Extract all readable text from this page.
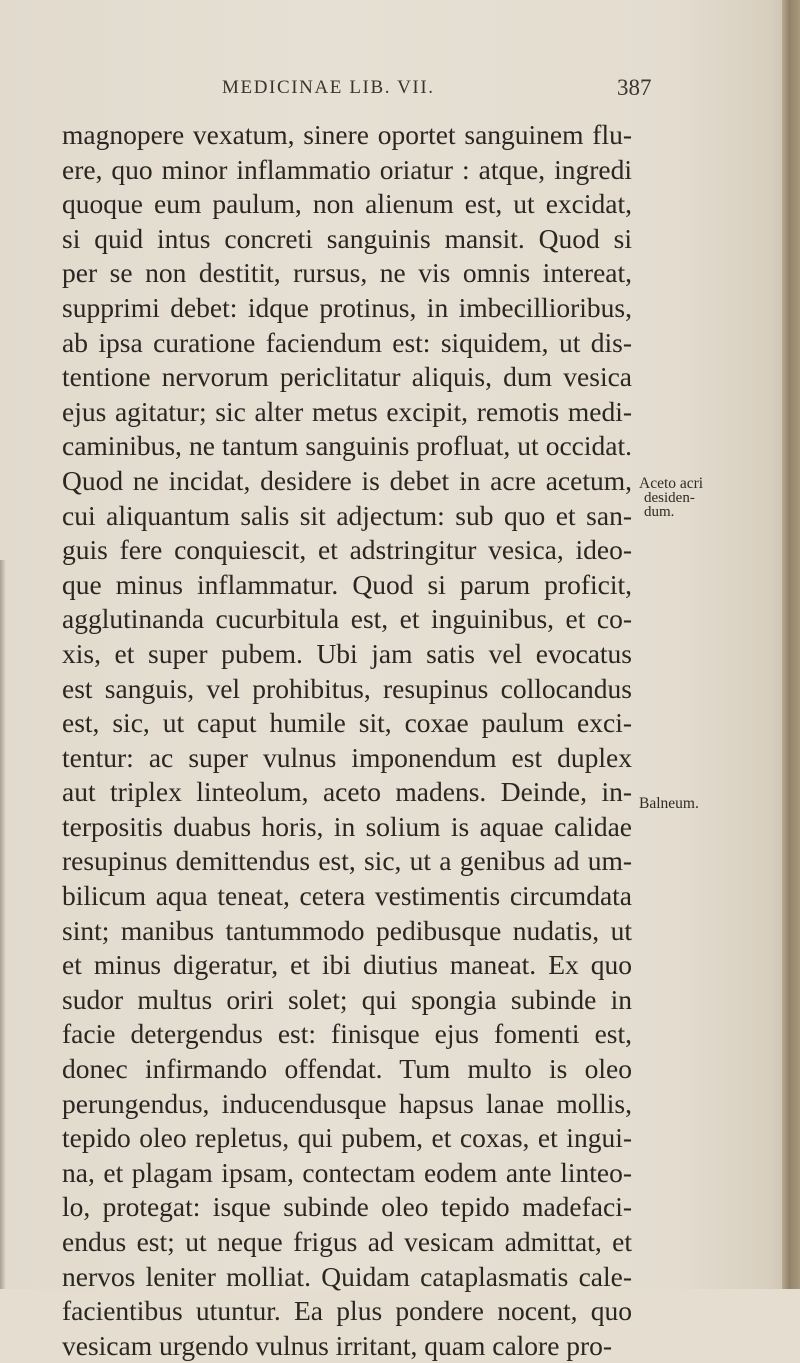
MEDICINAE LIB. VII.	387
magnopere vexatum, sinere oportet sanguinem flu-
ere, quo minor inflammatio oriatur : atque, ingredi
quoque eum paulum, non alienum est, ut excidat,
si quid intus concreti sanguinis mansit. Quod si
per se non destitit, rursus, ne vis omnis intereat,
supprimi debet: idque protinus, in imbecillioribus,
ab ipsa curatione faciendum est: siquidem, ut dis-
tentione nervorum periclitatur aliquis, dum vesica
ejus agitatur; sic alter metus excipit, remotis medi-
caminibus, ne tantum sanguinis profluat, ut occidat.
Quod ne incidat, desidere is debet in acre acetum,
cui aliquantum salis sit adjectum: sub quo et san-
guis fere conquiescit, et adstringitur vesica, ideo-
que minus inflammatur. Quod si parum proficit,
agglutinanda cucurbitula est, et inguinibus, et co-
xis, et super pubem. Ubi jam satis vel evocatus
est sanguis, vel prohibitus, resupinus collocandus
est, sic, ut caput humile sit, coxae paulum exci-
tentur: ac super vulnus imponendum est duplex
aut triplex linteolum, aceto madens. Deinde, in-
terpositis duabus horis, in solium is aquae calidae
resupinus demittendus est, sic, ut a genibus ad um-
bilicum aqua teneat, cetera vestimentis circumdata
sint; manibus tantummodo pedibusque nudatis, ut
et minus digeratur, et ibi diutius maneat. Ex quo
sudor multus oriri solet; qui spongia subinde in
facie detergendus est: finisque ejus fomenti est,
donec infirmando offendat. Tum multo is oleo
perungendus, inducendusque hapsus lanae mollis,
tepido oleo repletus, qui pubem, et coxas, et ingui-
na, et plagam ipsam, contectam eodem ante linteo-
lo, protegat: isque subinde oleo tepido madefaci-
endus est; ut neque frigus ad vesicam admittat, et
nervos leniter molliat. Quidam cataplasmatis cale-
facientibus utuntur. Ea plus pondere nocent, quo
vesicam urgendo vulnus irritant, quam calore pro-
Aceto acri
desiden-
dum.
Balneum.
